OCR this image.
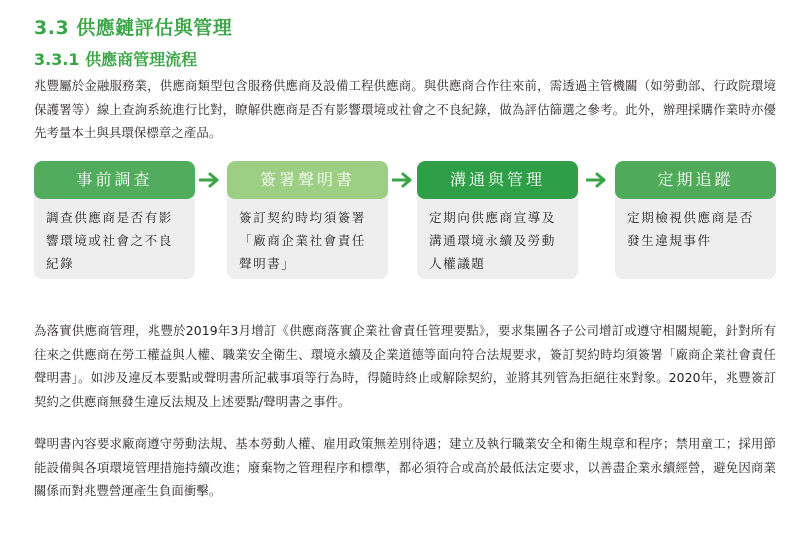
3.3 供應鏈評估與管理
3.3.1 供應商管理流程

兆豐屬於金融服務業，供應商類型包含服務供應商及設備工程供應商。與供應商合作往來前，需透過主管機關（如勞動部、行政院環境保護署等）線上查詢系統進行比對，瞭解供應商是否有影響環境或社會之不良紀錄，做為評估篩選之參考。此外，辦理採購作業時亦優先考量本土與具環保標章之產品。

事前調查
調查供應商是否有影響環境或社會之不良紀錄
簽署聲明書
簽訂契約時均須簽署「廠商企業社會責任聲明書」
溝通與管理
定期向供應商宣導及溝通環境永續及勞動人權議題
定期追蹤
定期檢視供應商是否發生違規事件

為落實供應商管理，兆豐於2019年3月增訂《供應商落實企業社會責任管理要點》，要求集團各子公司增訂或遵守相關規範，針對所有往來之供應商在勞工權益與人權、職業安全衛生、環境永續及企業道德等面向符合法規要求，簽訂契約時均須簽署「廠商企業社會責任聲明書」。如涉及違反本要點或聲明書所記載事項等行為時，得隨時終止或解除契約，並將其列管為拒絕往來對象。2020年，兆豐簽訂契約之供應商無發生違反法規及上述要點/聲明書之事件。

聲明書內容要求廠商遵守勞動法規、基本勞動人權、雇用政策無差別待遇；建立及執行職業安全和衛生規章和程序；禁用童工；採用節能設備與各項環境管理措施持續改進；廢棄物之管理程序和標準，都必須符合或高於最低法定要求，以善盡企業永續經營，避免因商業關係而對兆豐營運產生負面衝擊。
